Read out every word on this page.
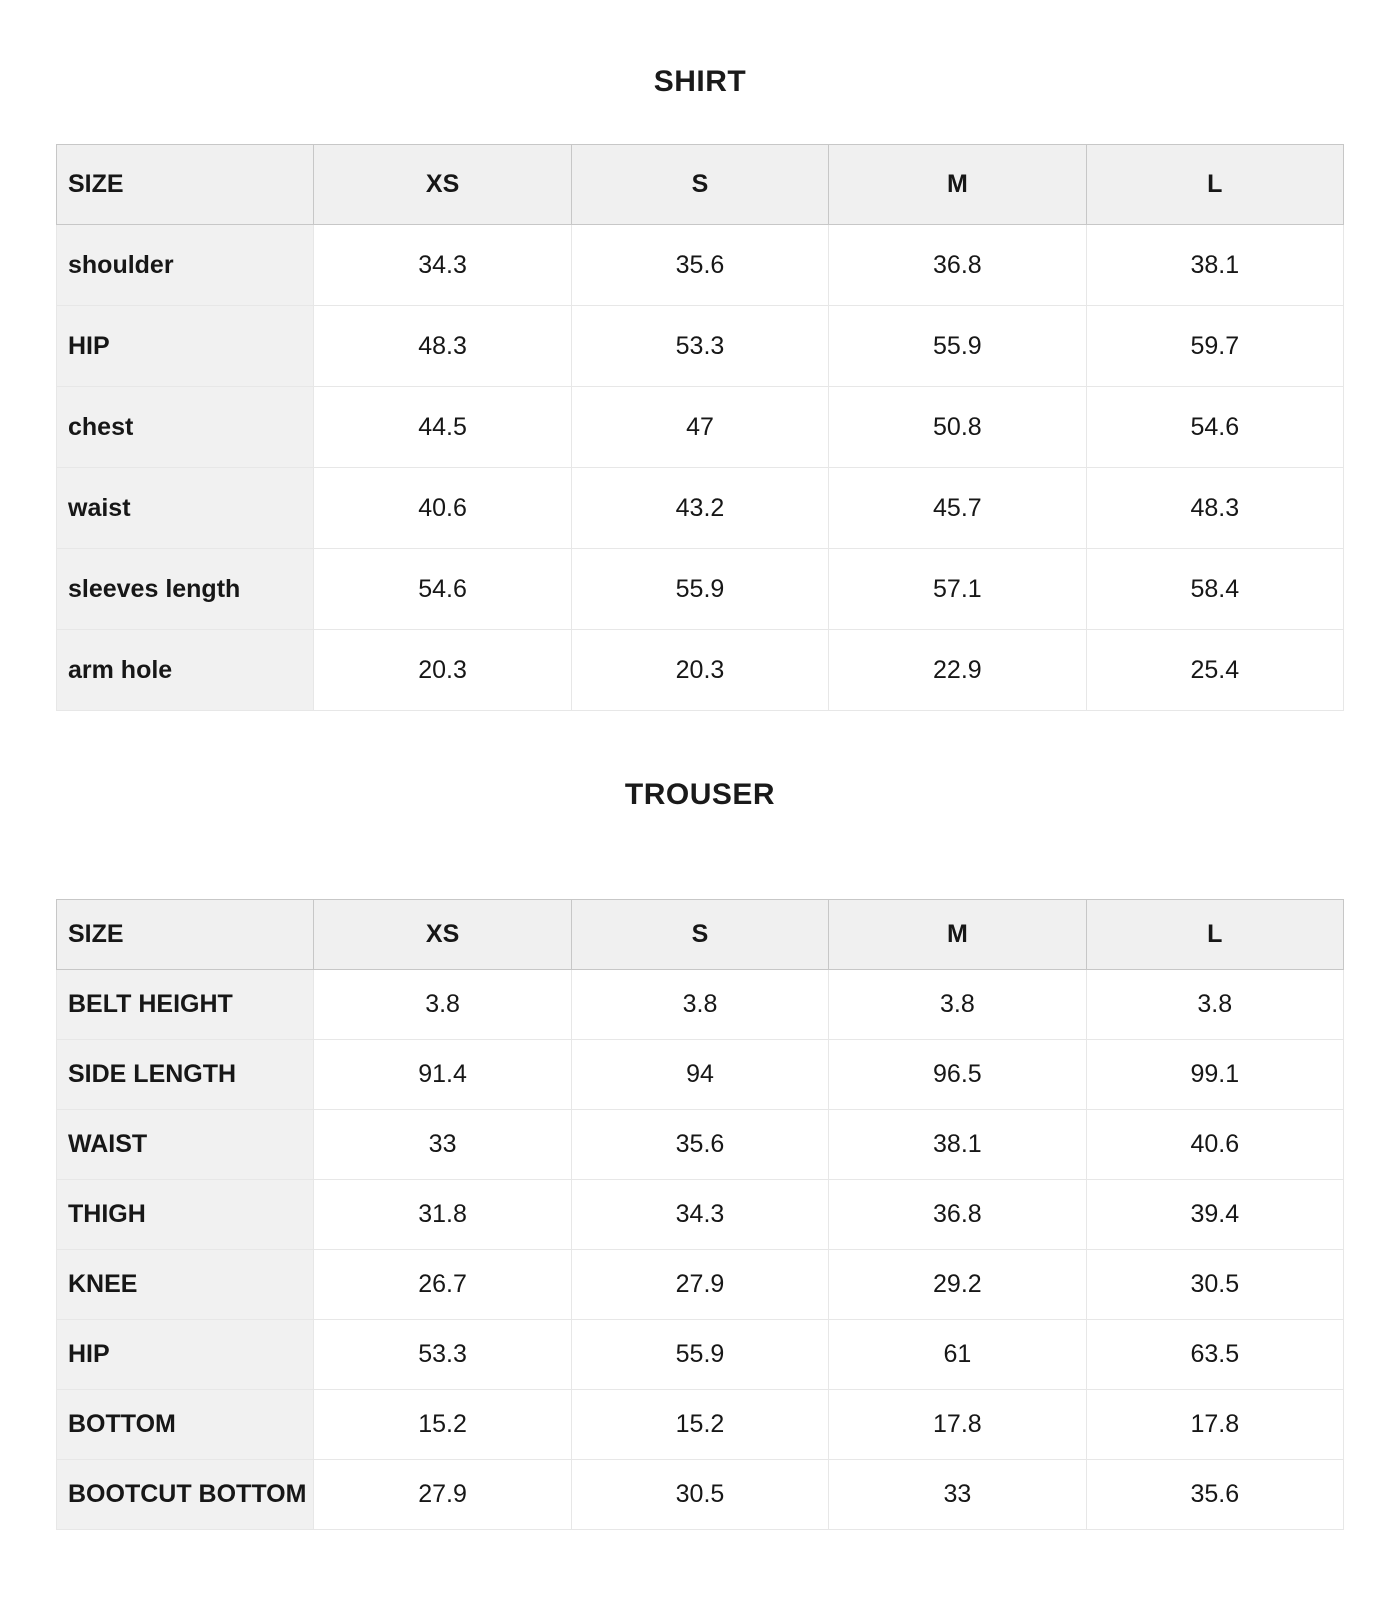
SHIRT
SIZE	XS	S	M	L
shoulder	34.3	35.6	36.8	38.1
HIP	48.3	53.3	55.9	59.7
chest	44.5	47	50.8	54.6
waist	40.6	43.2	45.7	48.3
sleeves length	54.6	55.9	57.1	58.4
arm hole	20.3	20.3	22.9	25.4
TROUSER
SIZE	XS	S	M	L
BELT HEIGHT	3.8	3.8	3.8	3.8
SIDE LENGTH	91.4	94	96.5	99.1
WAIST	33	35.6	38.1	40.6
THIGH	31.8	34.3	36.8	39.4
KNEE	26.7	27.9	29.2	30.5
HIP	53.3	55.9	61	63.5
BOTTOM	15.2	15.2	17.8	17.8
BOOTCUT BOTTOM	27.9	30.5	33	35.6
